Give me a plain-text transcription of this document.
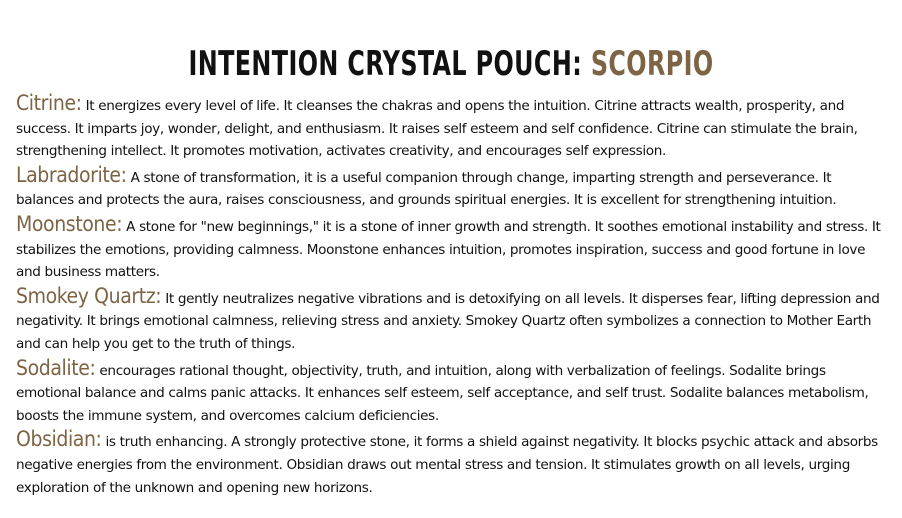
INTENTION CRYSTAL POUCH: SCORPIO

Citrine: It energizes every level of life. It cleanses the chakras and opens the intuition. Citrine attracts wealth, prosperity, and success. It imparts joy, wonder, delight, and enthusiasm. It raises self esteem and self confidence. Citrine can stimulate the brain, strengthening intellect. It promotes motivation, activates creativity, and encourages self expression.

Labradorite: A stone of transformation, it is a useful companion through change, imparting strength and perseverance. It balances and protects the aura, raises consciousness, and grounds spiritual energies. It is excellent for strengthening intuition.

Moonstone: A stone for "new beginnings," it is a stone of inner growth and strength. It soothes emotional instability and stress. It stabilizes the emotions, providing calmness. Moonstone enhances intuition, promotes inspiration, success and good fortune in love and business matters.

Smokey Quartz: It gently neutralizes negative vibrations and is detoxifying on all levels. It disperses fear, lifting depression and negativity. It brings emotional calmness, relieving stress and anxiety. Smokey Quartz often symbolizes a connection to Mother Earth and can help you get to the truth of things.

Sodalite: encourages rational thought, objectivity, truth, and intuition, along with verbalization of feelings. Sodalite brings emotional balance and calms panic attacks. It enhances self esteem, self acceptance, and self trust. Sodalite balances metabolism, boosts the immune system, and overcomes calcium deficiencies.

Obsidian: is truth enhancing. A strongly protective stone, it forms a shield against negativity. It blocks psychic attack and absorbs negative energies from the environment. Obsidian draws out mental stress and tension. It stimulates growth on all levels, urging exploration of the unknown and opening new horizons.
